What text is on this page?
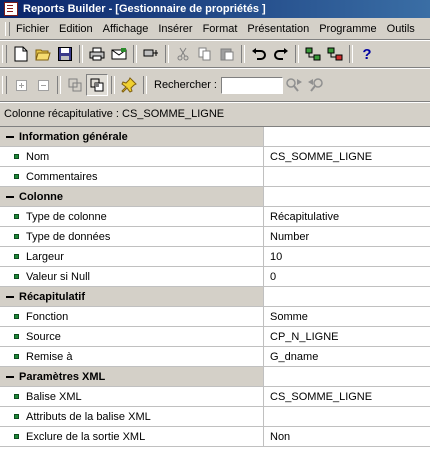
Reports Builder - [Gestionnaire de propriétés ]
Fichier Edition Affichage Insérer Format Présentation Programme Outils
?
Rechercher :
Colonne récapitulative : CS_SOMME_LIGNE
Information générale
Nom	CS_SOMME_LIGNE
Commentaires
Colonne
Type de colonne	Récapitulative
Type de données	Number
Largeur	10
Valeur si Null	0
Récapitulatif
Fonction	Somme
Source	CP_N_LIGNE
Remise à	G_dname
Paramètres XML
Balise XML	CS_SOMME_LIGNE
Attributs de la balise XML
Exclure de la sortie XML	Non
